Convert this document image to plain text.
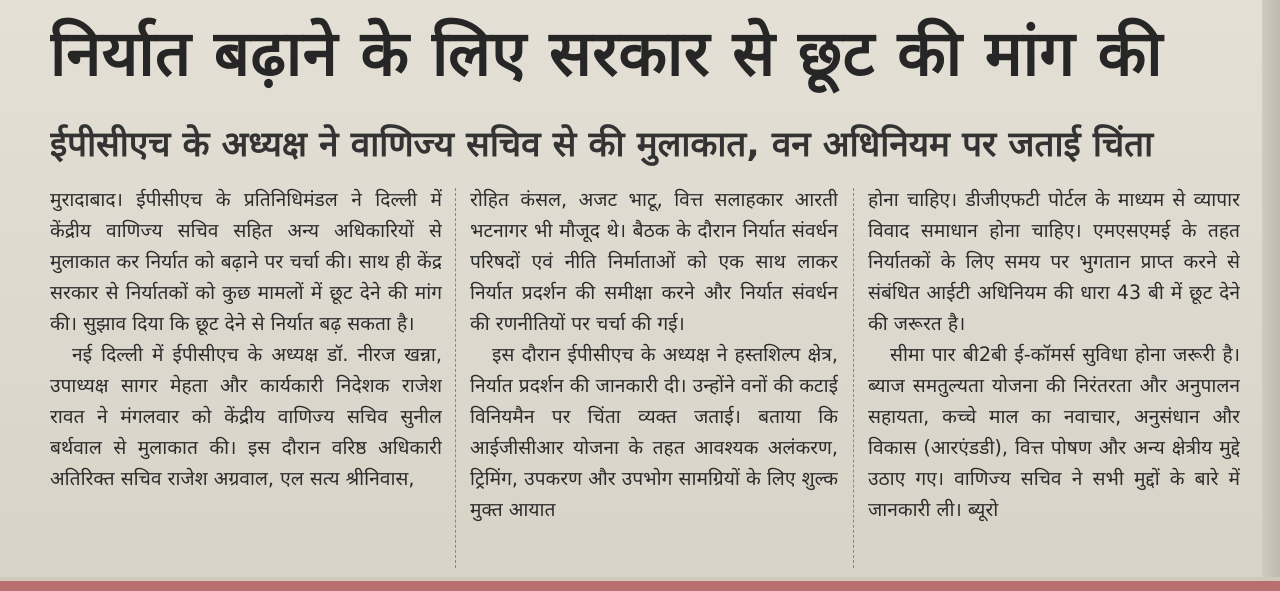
निर्यात बढ़ाने के लिए सरकार से छूट की मांग की
ईपीसीएच के अध्यक्ष ने वाणिज्य सचिव से की मुलाकात, वन अधिनियम पर जताई चिंता

मुरादाबाद। ईपीसीएच के प्रतिनिधिमंडल ने दिल्ली में केंद्रीय वाणिज्य सचिव सहित अन्य अधिकारियों से मुलाकात कर निर्यात को बढ़ाने पर चर्चा की। साथ ही केंद्र सरकार से निर्यातकों को कुछ मामलों में छूट देने की मांग की। सुझाव दिया कि छूट देने से निर्यात बढ़ सकता है।

नई दिल्ली में ईपीसीएच के अध्यक्ष डॉ. नीरज खन्ना, उपाध्यक्ष सागर मेहता और कार्यकारी निदेशक राजेश रावत ने मंगलवार को केंद्रीय वाणिज्य सचिव सुनील बर्थवाल से मुलाकात की। इस दौरान वरिष्ठ अधिकारी अतिरिक्त सचिव राजेश अग्रवाल, एल सत्य श्रीनिवास,

रोहित कंसल, अजट भाटू, वित्त सलाहकार आरती भटनागर भी मौजूद थे। बैठक के दौरान निर्यात संवर्धन परिषदों एवं नीति निर्माताओं को एक साथ लाकर निर्यात प्रदर्शन की समीक्षा करने और निर्यात संवर्धन की रणनीतियों पर चर्चा की गई।

इस दौरान ईपीसीएच के अध्यक्ष ने हस्तशिल्प क्षेत्र, निर्यात प्रदर्शन की जानकारी दी। उन्होंने वनों की कटाई विनियमैन पर चिंता व्यक्त जताई। बताया कि आईजीसीआर योजना के तहत आवश्यक अलंकरण, ट्रिमिंग, उपकरण और उपभोग सामग्रियों के लिए शुल्क मुक्त आयात

होना चाहिए। डीजीएफटी पोर्टल के माध्यम से व्यापार विवाद समाधान होना चाहिए। एमएसएमई के तहत निर्यातकों के लिए समय पर भुगतान प्राप्त करने से संबंधित आईटी अधिनियम की धारा 43 बी में छूट देने की जरूरत है।

सीमा पार बी2बी ई-कॉमर्स सुविधा होना जरूरी है। ब्याज समतुल्यता योजना की निरंतरता और अनुपालन सहायता, कच्चे माल का नवाचार, अनुसंधान और विकास (आरएंडडी), वित्त पोषण और अन्य क्षेत्रीय मुद्दे उठाए गए। वाणिज्य सचिव ने सभी मुद्दों के बारे में जानकारी ली। ब्यूरो
